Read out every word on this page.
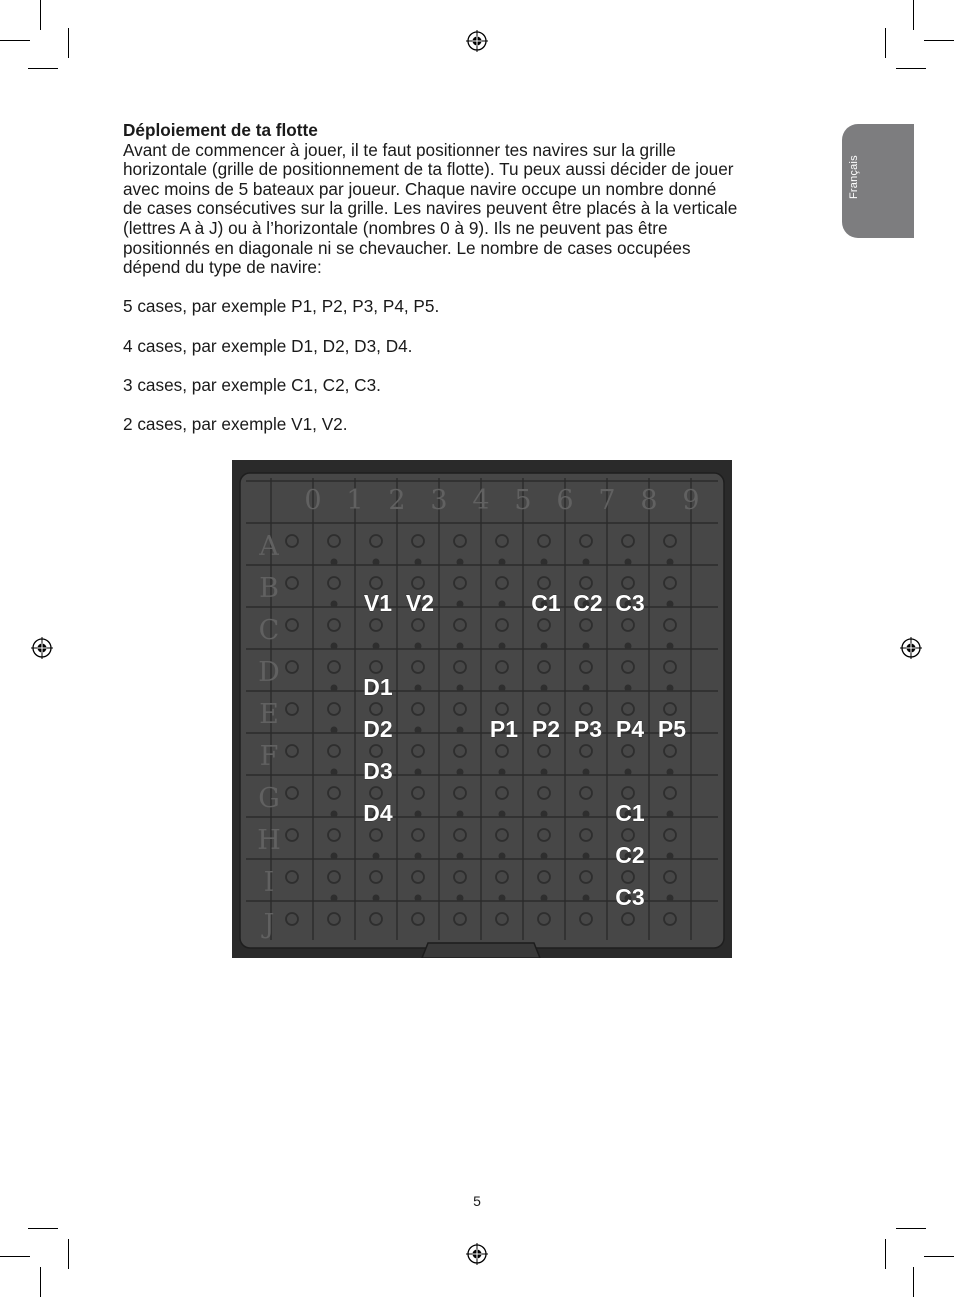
Français
Déploiement de ta flotte

Avant de commencer à jouer, il te faut positionner tes navires sur la grille

horizontale (grille de positionnement de ta flotte). Tu peux aussi décider de jouer

avec moins de 5 bateaux par joueur. Chaque navire occupe un nombre donné

de cases consécutives sur la grille. Les navires peuvent être placés à la verticale

(lettres A à J) ou à l’horizontale (nombres 0 à 9). Ils ne peuvent pas être

positionnés en diagonale ni se chevaucher. Le nombre de cases occupées

dépend du type de navire:

5 cases, par exemple P1, P2, P3, P4, P5.

4 cases, par exemple D1, D2, D3, D4.

3 cases, par exemple C1, C2, C3.

2 cases, par exemple V1, V2.

0 1 2 3 4 5 6 7 8 9
A
B
C
D
E
F
G
H
I
J
V1 V2	C1 C2 C3
D1
D2
D3
D4
P1 P2 P3 P4 P5
C1
C2
C3
5
